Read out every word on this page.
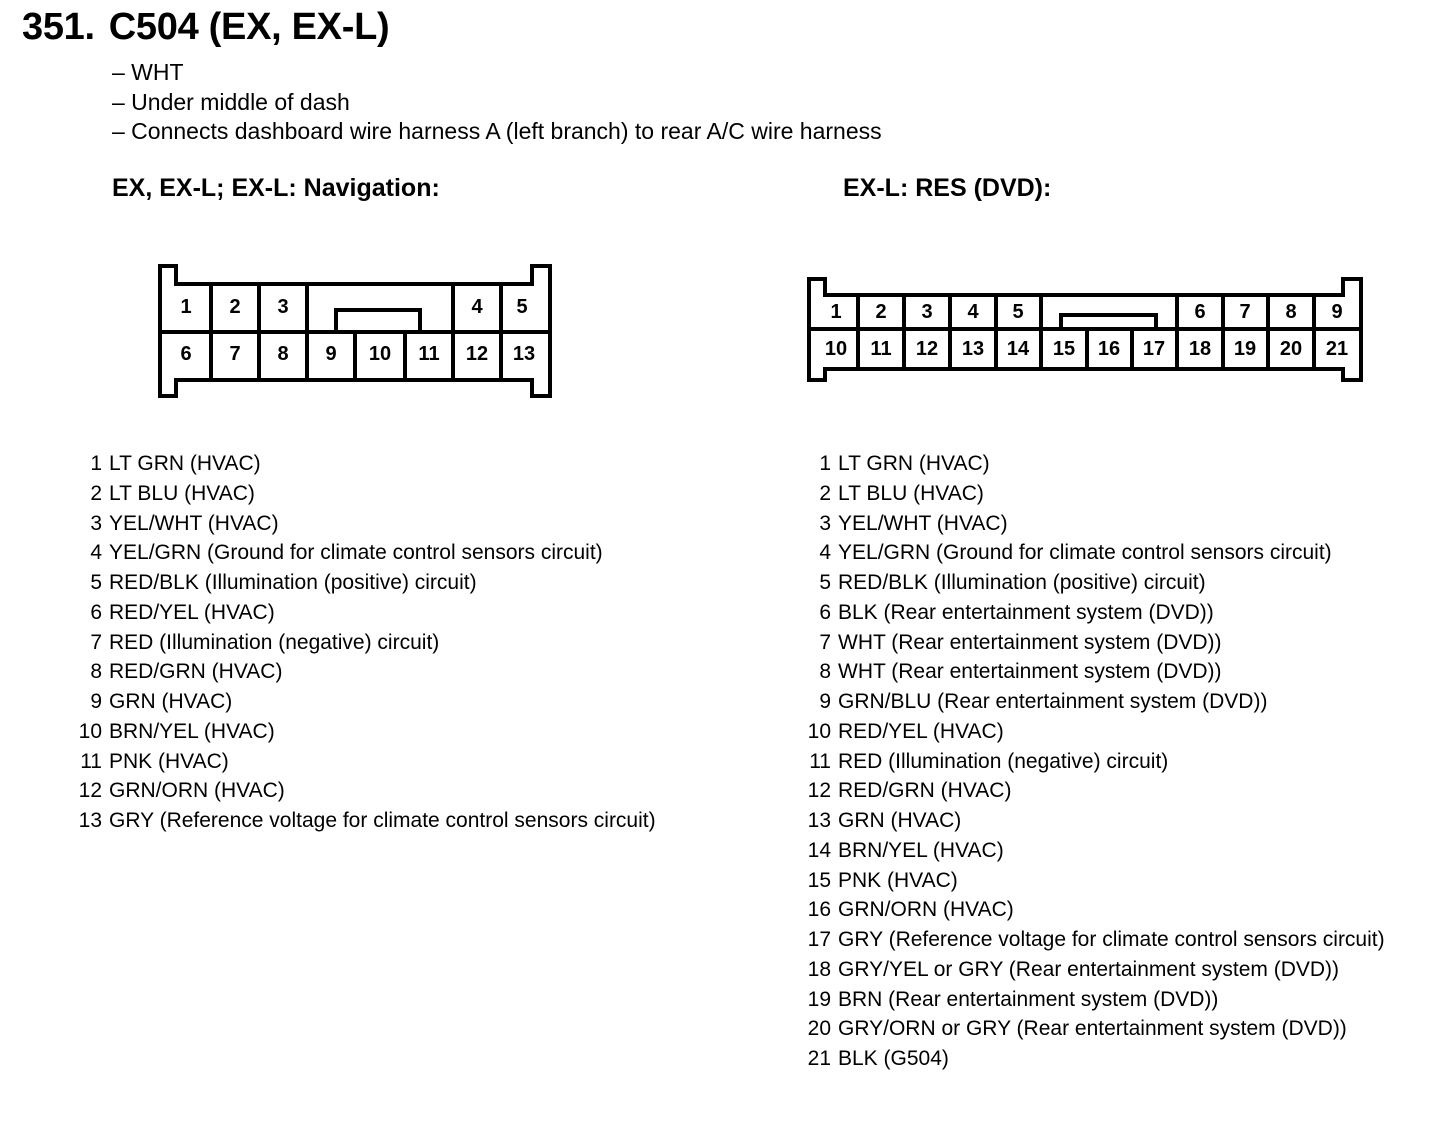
351. C504 (EX, EX-L)
– WHT
– Under middle of dash
– Connects dashboard wire harness A (left branch) to rear A/C wire harness
EX, EX-L; EX-L: Navigation:	EX-L: RES (DVD):
1 2 3	4 5
6 7 8 9 10 11 12 13
1 2 3 4 5	6 7 8 9
10 11 12 13 14 15 16 17 18 19 20 21
1 LT GRN (HVAC)
2 LT BLU (HVAC)
3 YEL/WHT (HVAC)
4 YEL/GRN (Ground for climate control sensors circuit)
5 RED/BLK (Illumination (positive) circuit)
6 RED/YEL (HVAC)
7 RED (Illumination (negative) circuit)
8 RED/GRN (HVAC)
9 GRN (HVAC)
10 BRN/YEL (HVAC)
11 PNK (HVAC)
12 GRN/ORN (HVAC)
13 GRY (Reference voltage for climate control sensors circuit)
1 LT GRN (HVAC)
2 LT BLU (HVAC)
3 YEL/WHT (HVAC)
4 YEL/GRN (Ground for climate control sensors circuit)
5 RED/BLK (Illumination (positive) circuit)
6 BLK (Rear entertainment system (DVD))
7 WHT (Rear entertainment system (DVD))
8 WHT (Rear entertainment system (DVD))
9 GRN/BLU (Rear entertainment system (DVD))
10 RED/YEL (HVAC)
11 RED (Illumination (negative) circuit)
12 RED/GRN (HVAC)
13 GRN (HVAC)
14 BRN/YEL (HVAC)
15 PNK (HVAC)
16 GRN/ORN (HVAC)
17 GRY (Reference voltage for climate control sensors circuit)
18 GRY/YEL or GRY (Rear entertainment system (DVD))
19 BRN (Rear entertainment system (DVD))
20 GRY/ORN or GRY (Rear entertainment system (DVD))
21 BLK (G504)
